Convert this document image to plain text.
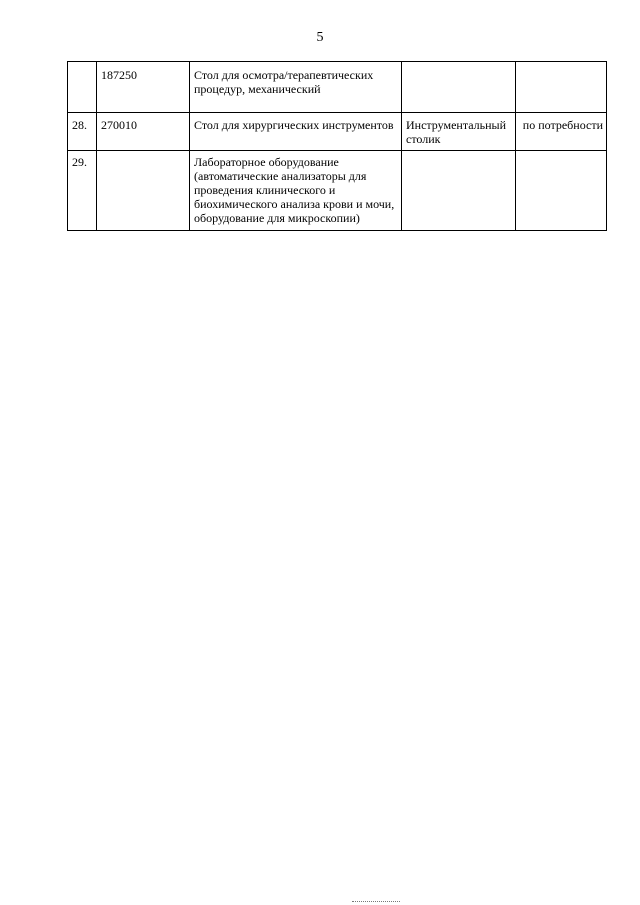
5
	187250	Стол для осмотра/терапевтических процедур, механический		
28.	270010	Стол для хирургических инструментов	Инструментальный столик	по потребности
29.		Лабораторное оборудование (автоматические анализаторы для проведения клинического и биохимического анализа крови и мочи, оборудование для микроскопии)		
